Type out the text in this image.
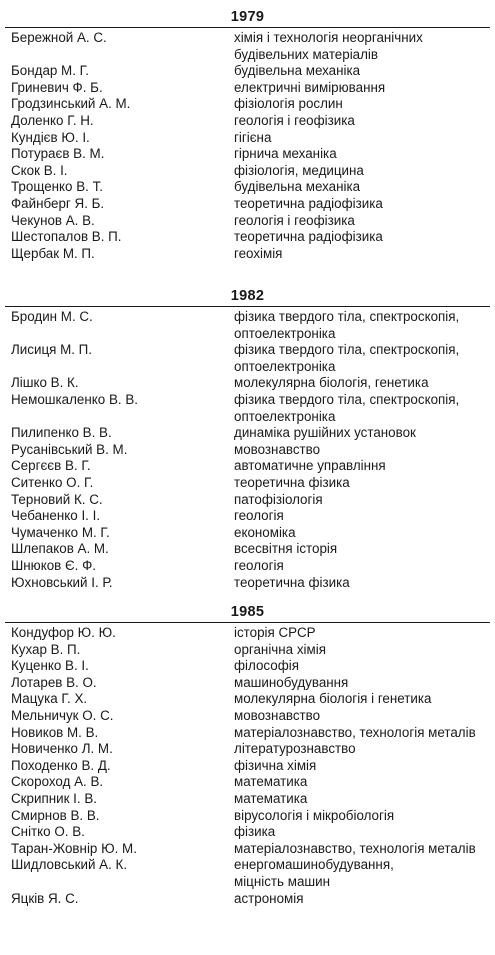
1979
Бережной А. С.	хімія і технологія неорганічних
будівельних матеріалів
Бондар М. Г.	будівельна механіка
Гриневич Ф. Б.	електричні вимірювання
Гродзинський А. М.	фізіологія рослин
Доленко Г. Н.	геологія і геофізика
Кундієв Ю. І.	гігієна
Потураєв В. М.	гірнича механіка
Скок В. І.	фізіологія, медицина
Трощенко В. Т.	будівельна механіка
Файнберг Я. Б.	теоретична радіофізика
Чекунов А. В.	геологія і геофізика
Шестопалов В. П.	теоретична радіофізика
Щербак М. П.	геохімія
1982
Бродин М. С.	фізика твердого тіла, спектроскопія,
оптоелектроніка
Лисиця М. П.	фізика твердого тіла, спектроскопія,
оптоелектроніка
Лішко В. К.	молекулярна біологія, генетика
Немошкаленко В. В.	фізика твердого тіла, спектроскопія,
оптоелектроніка
Пилипенко В. В.	динаміка рушійних установок
Русанівський В. М.	мовознавство
Сергєєв В. Г.	автоматичне управління
Ситенко О. Г.	теоретична фізика
Терновий К. С.	патофізіологія
Чебаненко І. І.	геологія
Чумаченко М. Г.	економіка
Шлепаков А. М.	всесвітня історія
Шнюков Є. Ф.	геологія
Юхновський І. Р.	теоретична фізика
1985
Кондуфор Ю. Ю.	історія СРСР
Кухар В. П.	органічна хімія
Куценко В. І.	філософія
Лотарев В. О.	машинобудування
Мацука Г. Х.	молекулярна біологія і генетика
Мельничук О. С.	мовознавство
Новиков М. В.	матеріалознавство, технологія металів
Новиченко Л. М.	літературознавство
Походенко В. Д.	фізична хімія
Скороход А. В.	математика
Скрипник І. В.	математика
Смирнов В. В.	вірусологія і мікробіологія
Снітко О. В.	фізика
Таран-Жовнір Ю. М.	матеріалознавство, технологія металів
Шидловський А. К.	енергомашинобудування,
міцність машин
Яцків Я. С.	астрономія
